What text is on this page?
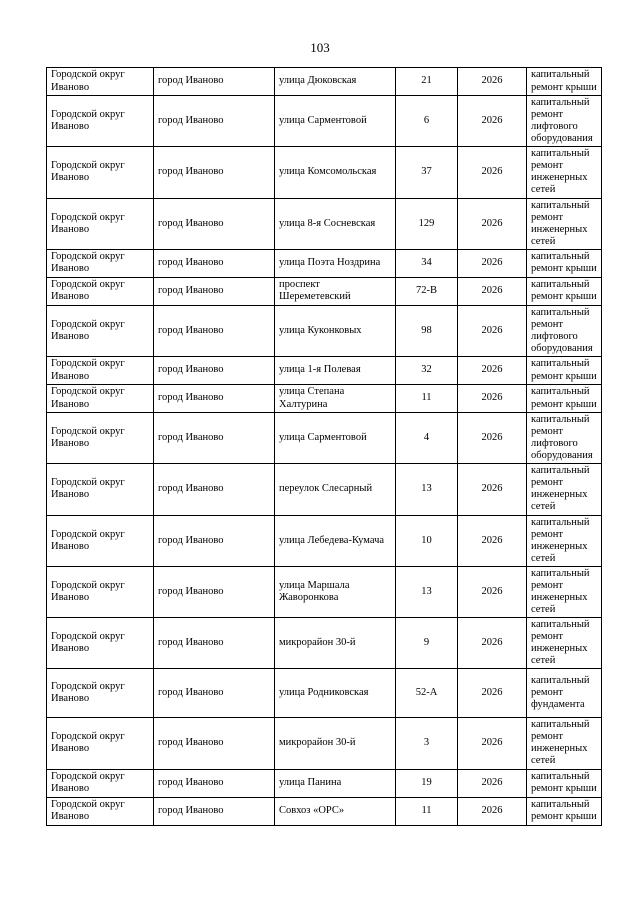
103
Городской округ Иваново	город Иваново	улица Дюковская	21	2026	капитальный ремонт крыши
Городской округ Иваново	город Иваново	улица Сарментовой	6	2026	капитальный ремонт лифтового оборудования
Городской округ Иваново	город Иваново	улица Комсомольская	37	2026	капитальный ремонт инженерных сетей
Городской округ Иваново	город Иваново	улица 8-я Сосневская	129	2026	капитальный ремонт инженерных сетей
Городской округ Иваново	город Иваново	улица Поэта Ноздрина	34	2026	капитальный ремонт крыши
Городской округ Иваново	город Иваново	проспект Шереметевский	72-В	2026	капитальный ремонт крыши
Городской округ Иваново	город Иваново	улица Куконковых	98	2026	капитальный ремонт лифтового оборудования
Городской округ Иваново	город Иваново	улица 1-я Полевая	32	2026	капитальный ремонт крыши
Городской округ Иваново	город Иваново	улица Степана Халтурина	11	2026	капитальный ремонт крыши
Городской округ Иваново	город Иваново	улица Сарментовой	4	2026	капитальный ремонт лифтового оборудования
Городской округ Иваново	город Иваново	переулок Слесарный	13	2026	капитальный ремонт инженерных сетей
Городской округ Иваново	город Иваново	улица Лебедева-Кумача	10	2026	капитальный ремонт инженерных сетей
Городской округ Иваново	город Иваново	улица Маршала Жаворонкова	13	2026	капитальный ремонт инженерных сетей
Городской округ Иваново	город Иваново	микрорайон 30-й	9	2026	капитальный ремонт инженерных сетей
Городской округ Иваново	город Иваново	улица Родниковская	52-А	2026	капитальный ремонт фундамента
Городской округ Иваново	город Иваново	микрорайон 30-й	3	2026	капитальный ремонт инженерных сетей
Городской округ Иваново	город Иваново	улица Панина	19	2026	капитальный ремонт крыши
Городской округ Иваново	город Иваново	Совхоз «ОРС»	11	2026	капитальный ремонт крыши
